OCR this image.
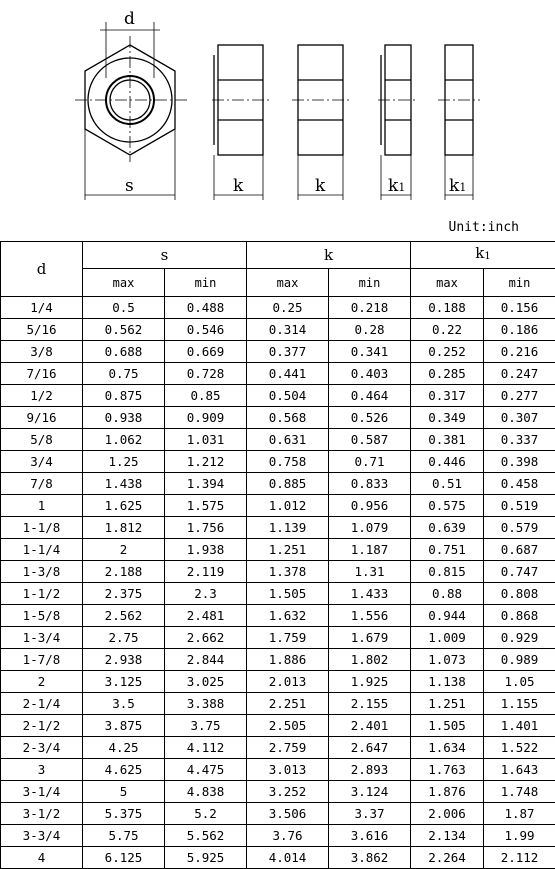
d
s	k	k	k1	k1
Unit:inch
d	s		k		k1	
	max	min	max	min	max	min
1/4	0.5	0.488	0.25	0.218	0.188	0.156
5/16	0.562	0.546	0.314	0.28	0.22	0.186
3/8	0.688	0.669	0.377	0.341	0.252	0.216
7/16	0.75	0.728	0.441	0.403	0.285	0.247
1/2	0.875	0.85	0.504	0.464	0.317	0.277
9/16	0.938	0.909	0.568	0.526	0.349	0.307
5/8	1.062	1.031	0.631	0.587	0.381	0.337
3/4	1.25	1.212	0.758	0.71	0.446	0.398
7/8	1.438	1.394	0.885	0.833	0.51	0.458
1	1.625	1.575	1.012	0.956	0.575	0.519
1-1/8	1.812	1.756	1.139	1.079	0.639	0.579
1-1/4	2	1.938	1.251	1.187	0.751	0.687
1-3/8	2.188	2.119	1.378	1.31	0.815	0.747
1-1/2	2.375	2.3	1.505	1.433	0.88	0.808
1-5/8	2.562	2.481	1.632	1.556	0.944	0.868
1-3/4	2.75	2.662	1.759	1.679	1.009	0.929
1-7/8	2.938	2.844	1.886	1.802	1.073	0.989
2	3.125	3.025	2.013	1.925	1.138	1.05
2-1/4	3.5	3.388	2.251	2.155	1.251	1.155
2-1/2	3.875	3.75	2.505	2.401	1.505	1.401
2-3/4	4.25	4.112	2.759	2.647	1.634	1.522
3	4.625	4.475	3.013	2.893	1.763	1.643
3-1/4	5	4.838	3.252	3.124	1.876	1.748
3-1/2	5.375	5.2	3.506	3.37	2.006	1.87
3-3/4	5.75	5.562	3.76	3.616	2.134	1.99
4	6.125	5.925	4.014	3.862	2.264	2.112
